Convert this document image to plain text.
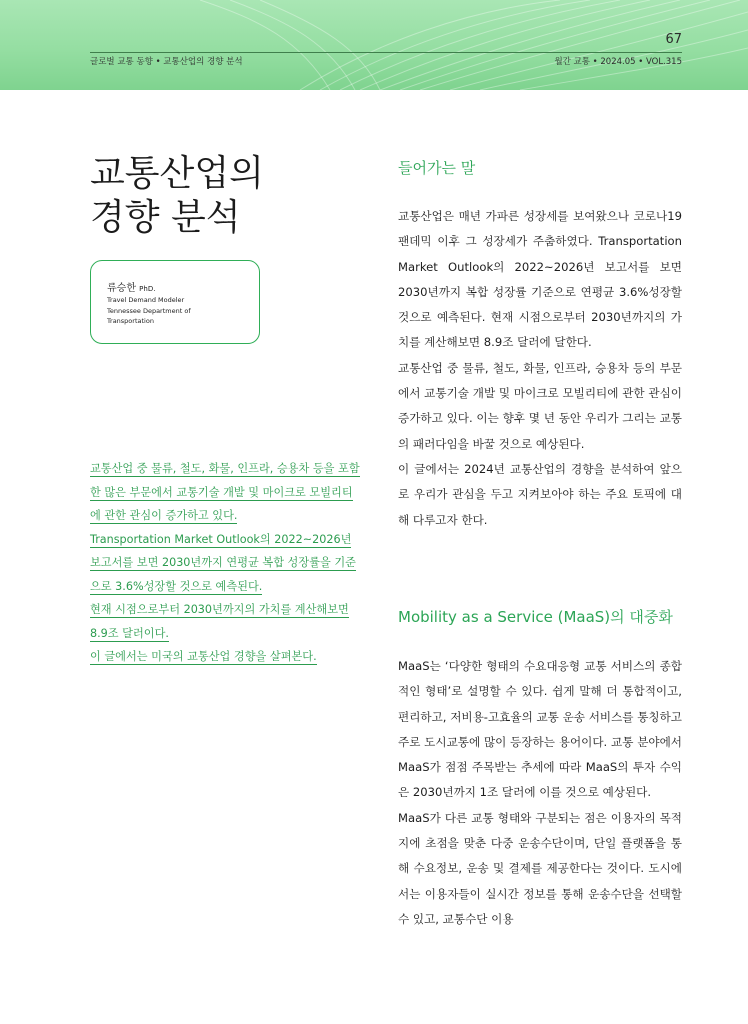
67
글로벌 교통 동향 • 교통산업의 경향 분석	월간 교통 • 2024.05 • VOL.315
교통산업의
경향 분석
류승한 PhD.
Travel Demand Modeler
Tennessee Department of
Transportation

교통산업 중 물류, 철도, 화물, 인프라, 승용차 등을 포함한 많은 부문에서 교통기술 개발 및 마이크로 모빌리티에 관한 관심이 증가하고 있다.

Transportation Market Outlook의 2022~2026년 보고서를 보면 2030년까지 연평균 복합 성장률을 기준으로 3.6%성장할 것으로 예측된다.

현재 시점으로부터 2030년까지의 가치를 계산해보면 8.9조 달러이다.

이 글에서는 미국의 교통산업 경향을 살펴본다.

들어가는 말

교통산업은 매년 가파른 성장세를 보여왔으나 코로나19 팬데믹 이후 그 성장세가 주춤하였다. Transportation Market Outlook의 2022~2026년 보고서를 보면 2030년까지 복합 성장률 기준으로 연평균 3.6%성장할 것으로 예측된다. 현재 시점으로부터 2030년까지의 가치를 계산해보면 8.9조 달러에 달한다.

교통산업 중 물류, 철도, 화물, 인프라, 승용차 등의 부문에서 교통기술 개발 및 마이크로 모빌리티에 관한 관심이 증가하고 있다. 이는 향후 몇 년 동안 우리가 그리는 교통의 패러다임을 바꿀 것으로 예상된다.

이 글에서는 2024년 교통산업의 경향을 분석하여 앞으로 우리가 관심을 두고 지켜보아야 하는 주요 토픽에 대해 다루고자 한다.

Mobility as a Service (MaaS)의 대중화

MaaS는 ‘다양한 형태의 수요대응형 교통 서비스의 종합적인 형태’로 설명할 수 있다. 쉽게 말해 더 통합적이고, 편리하고, 저비용-고효율의 교통 운송 서비스를 통칭하고 주로 도시교통에 많이 등장하는 용어이다. 교통 분야에서 MaaS가 점점 주목받는 추세에 따라 MaaS의 투자 수익은 2030년까지 1조 달러에 이를 것으로 예상된다.

MaaS가 다른 교통 형태와 구분되는 점은 이용자의 목적지에 초점을 맞춘 다중 운송수단이며, 단일 플랫폼을 통해 수요정보, 운송 및 결제를 제공한다는 것이다. 도시에서는 이용자들이 실시간 정보를 통해 운송수단을 선택할 수 있고, 교통수단 이용
